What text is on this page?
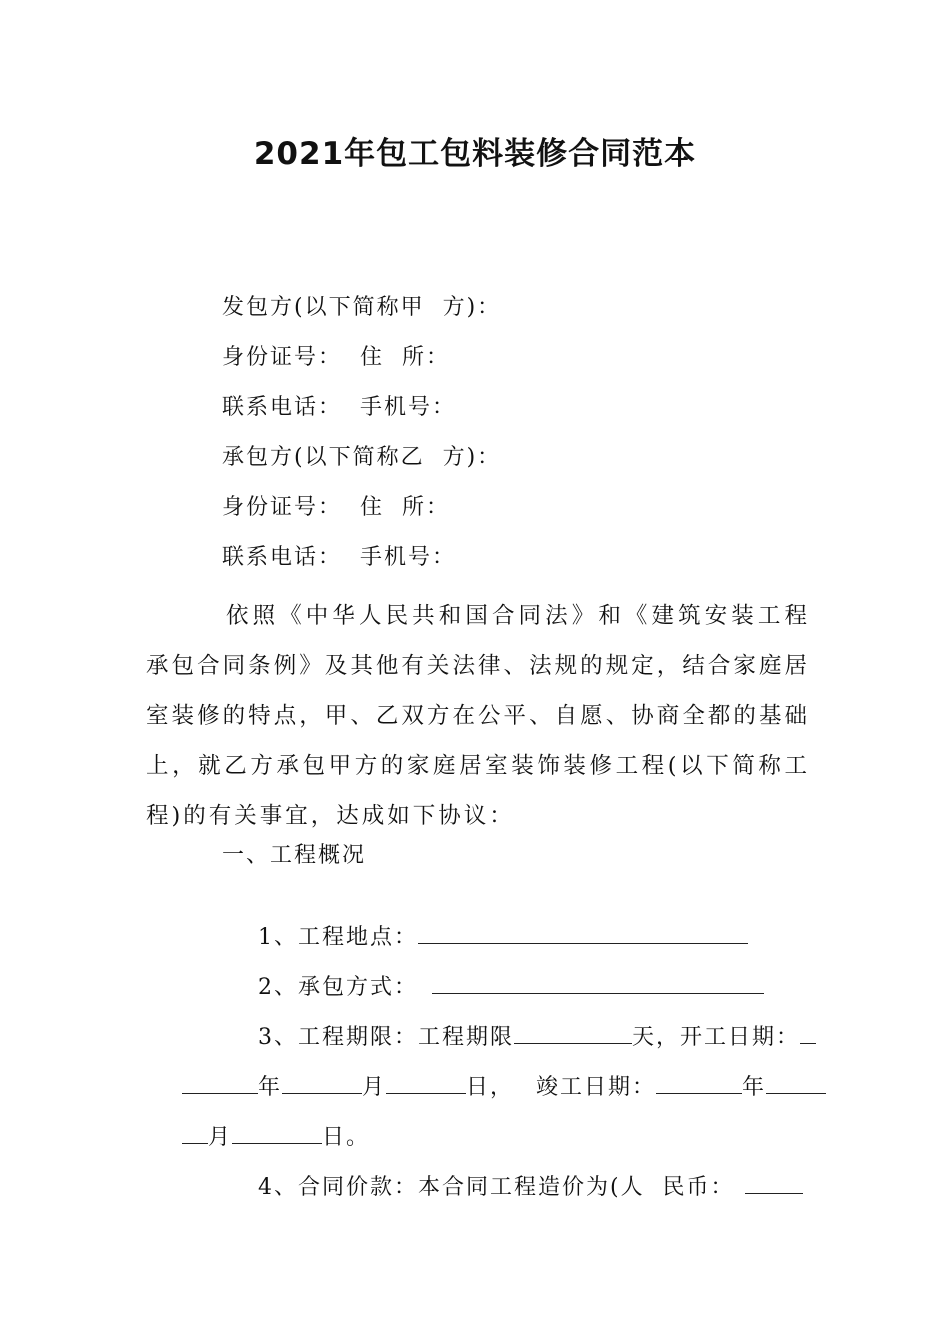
2021年包工包料装修合同范本

发包方(以下简称甲  方)：

身份证号：  住  所：

联系电话：  手机号：

承包方(以下简称乙  方)：

身份证号：  住  所：

联系电话：  手机号：

依照《中华人民共和国合同法》和《建筑安装工程承包合同条例》及其他有关法律、法规的规定，结合家庭居室装修的特点，甲、乙双方在公平、自愿、协商全都的基础上，就乙方承包甲方的家庭居室装饰装修工程(以下简称工程)的有关事宜，达成如下协议：

一、工程概况

1、工程地点：

2、承包方式：

3、工程期限：工程期限	天，开工日期：

年	月	日， 竣工日期：	年

月	日。

4、合同价款：本合同工程造价为(人  民币：
